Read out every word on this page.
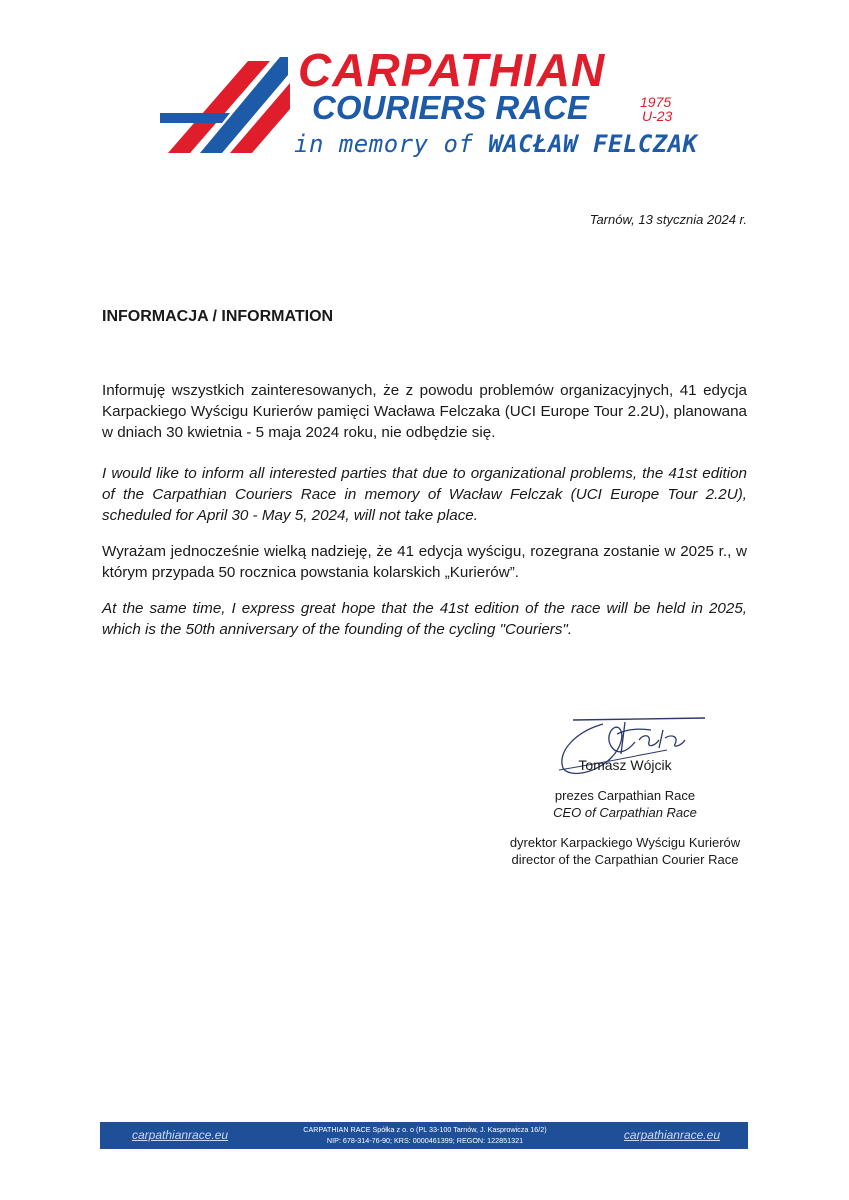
CARPATHIAN
COURIERS RACE	1975
U-23
in memory of WACŁAW FELCZAK
Tarnów, 13 stycznia 2024 r.
INFORMACJA / INFORMATION

Informuję wszystkich zainteresowanych, że z powodu problemów organizacyjnych, 41 edycja Karpackiego Wyścigu Kurierów pamięci Wacława Felczaka (UCI Europe Tour 2.2U), planowana w dniach 30 kwietnia - 5 maja 2024 roku, nie odbędzie się.

I would like to inform all interested parties that due to organizational problems, the 41st edition of the Carpathian Couriers Race in memory of Wacław Felczak (UCI Europe Tour 2.2U), scheduled for April 30 - May 5, 2024, will not take place.

Wyrażam jednocześnie wielką nadzieję, że 41 edycja wyścigu, rozegrana zostanie w 2025 r., w którym przypada 50 rocznica powstania kolarskich „Kurierów”.

At the same time, I express great hope that the 41st edition of the race will be held in 2025, which is the 50th anniversary of the founding of the cycling "Couriers".

Tomasz Wójcik
prezes Carpathian Race
CEO of Carpathian Race
dyrektor Karpackiego Wyścigu Kurierów
director of the Carpathian Courier Race
carpathianrace.eu	CARPATHIAN RACE Spółka z o. o (PL 33-100 Tarnów, J. Kasprowicza 16/2)
NIP: 678-314-76-90; KRS: 0000461399; REGON: 122851321	carpathianrace.eu
